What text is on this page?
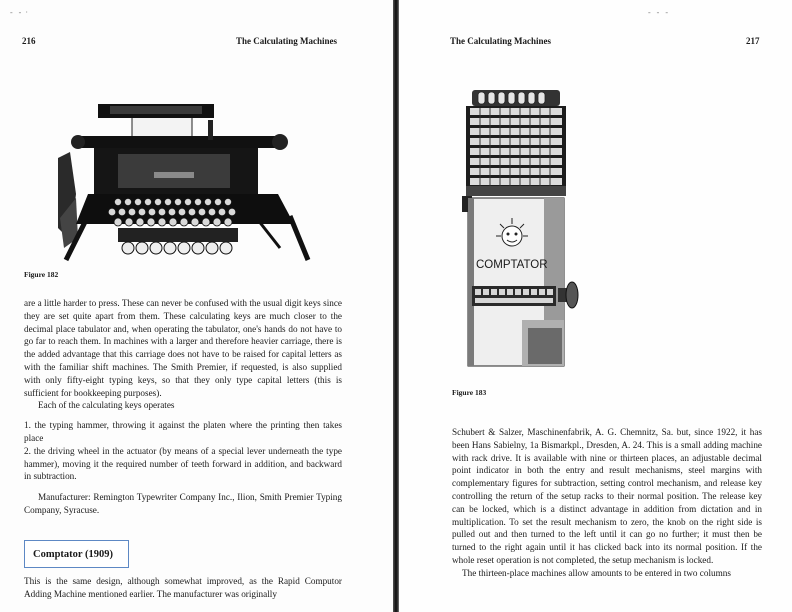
-   -  ·
216	The Calculating Machines
Figure 182

are a little harder to press. These can never be confused with the usual digit keys since they are set quite apart from them. These calculating keys are much closer to the decimal place tabulator and, when operating the tabulator, one's hands do not have to go far to reach them. In machines with a larger and therefore heavier carriage, there is the added advantage that this carriage does not have to be raised for capital letters as with the familiar shift machines. The Smith Premier, if requested, is also supplied with only fifty-eight typing keys, so that they only type capital letters (this is sufficient for bookkeeping purposes).

Each of the calculating keys operates

1. the typing hammer, throwing it against the platen where the printing then takes place

2. the driving wheel in the actuator (by means of a special lever underneath the type hammer), moving it the required number of teeth forward in addition, and backward in subtraction.

Manufacturer: Remington Typewriter Company Inc., Ilion, Smith Premier Typing Company, Syracuse.

Comptator (1909)

This is the same design, although somewhat improved, as the Rapid Computor Adding Machine mentioned earlier. The manufacturer was originally

-   -   -
The Calculating Machines	217
COMPTATOR
Figure 183

Schubert & Salzer, Maschinenfabrik, A. G. Chemnitz, Sa. but, since 1922, it has been Hans Sabielny, 1a Bismarkpl., Dresden, A. 24. This is a small adding machine with rack drive. It is available with nine or thirteen places, an adjustable decimal point indicator in both the entry and result mechanisms, steel margins with complementary figures for subtraction, setting control mechanism, and release key controlling the return of the setup racks to their normal position. The release key can be locked, which is a distinct advantage in addition from dictation and in multiplication. To set the result mechanism to zero, the knob on the right side is pulled out and then turned to the left until it can go no further; it must then be turned to the right again until it has clicked back into its normal position. If the whole reset operation is not completed, the setup mechanism is locked.

The thirteen-place machines allow amounts to be entered in two columns
